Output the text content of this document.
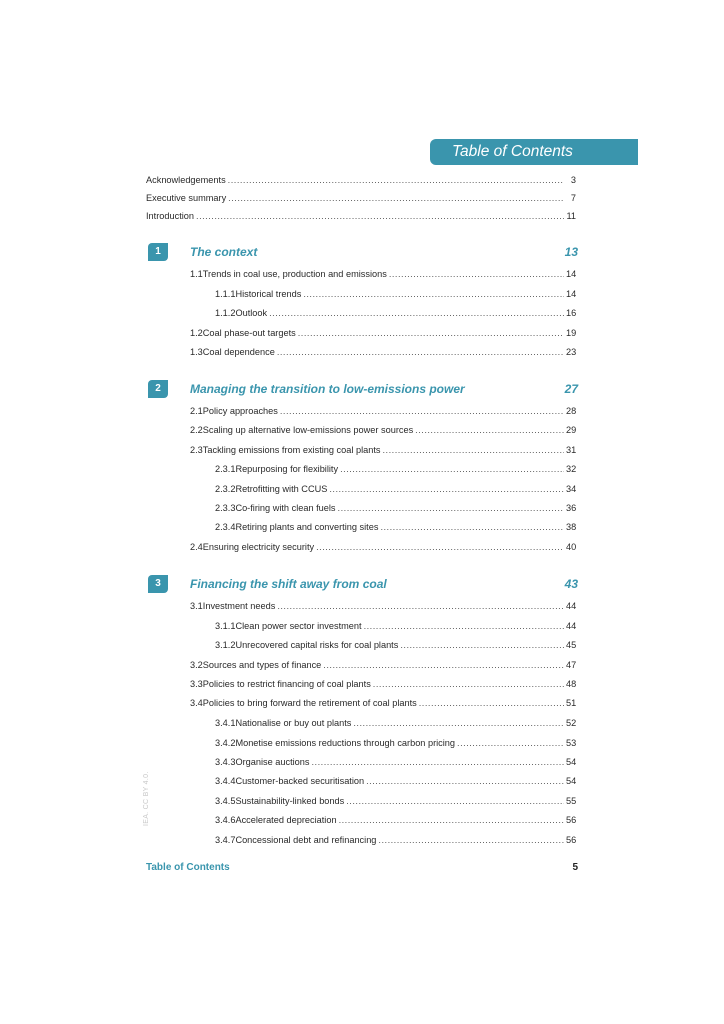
Table of Contents
Acknowledgements .....	3
Executive summary .....	7
Introduction .....	11
1	The context	13
1.1 Trends in coal use, production and emissions .....	14
1.1.1 Historical trends .....	14
1.1.2 Outlook .....	16
1.2 Coal phase-out targets .....	19
1.3 Coal dependence .....	23
2	Managing the transition to low-emissions power	27
2.1 Policy approaches .....	28
2.2 Scaling up alternative low-emissions power sources .....	29
2.3 Tackling emissions from existing coal plants .....	31
2.3.1 Repurposing for flexibility .....	32
2.3.2 Retrofitting with CCUS .....	34
2.3.3 Co-firing with clean fuels .....	36
2.3.4 Retiring plants and converting sites .....	38
2.4 Ensuring electricity security .....	40
3	Financing the shift away from coal	43
3.1 Investment needs .....	44
3.1.1 Clean power sector investment .....	44
3.1.2 Unrecovered capital risks for coal plants .....	45
3.2 Sources and types of finance .....	47
3.3 Policies to restrict financing of coal plants .....	48
3.4 Policies to bring forward the retirement of coal plants .....	51
3.4.1 Nationalise or buy out plants .....	52
3.4.2 Monetise emissions reductions through carbon pricing .....	53
3.4.3 Organise auctions .....	54
3.4.4 Customer-backed securitisation .....	54
3.4.5 Sustainability-linked bonds .....	55
3.4.6 Accelerated depreciation .....	56
3.4.7 Concessional debt and refinancing .....	56
IEA. CC BY 4.0.
Table of Contents	5
